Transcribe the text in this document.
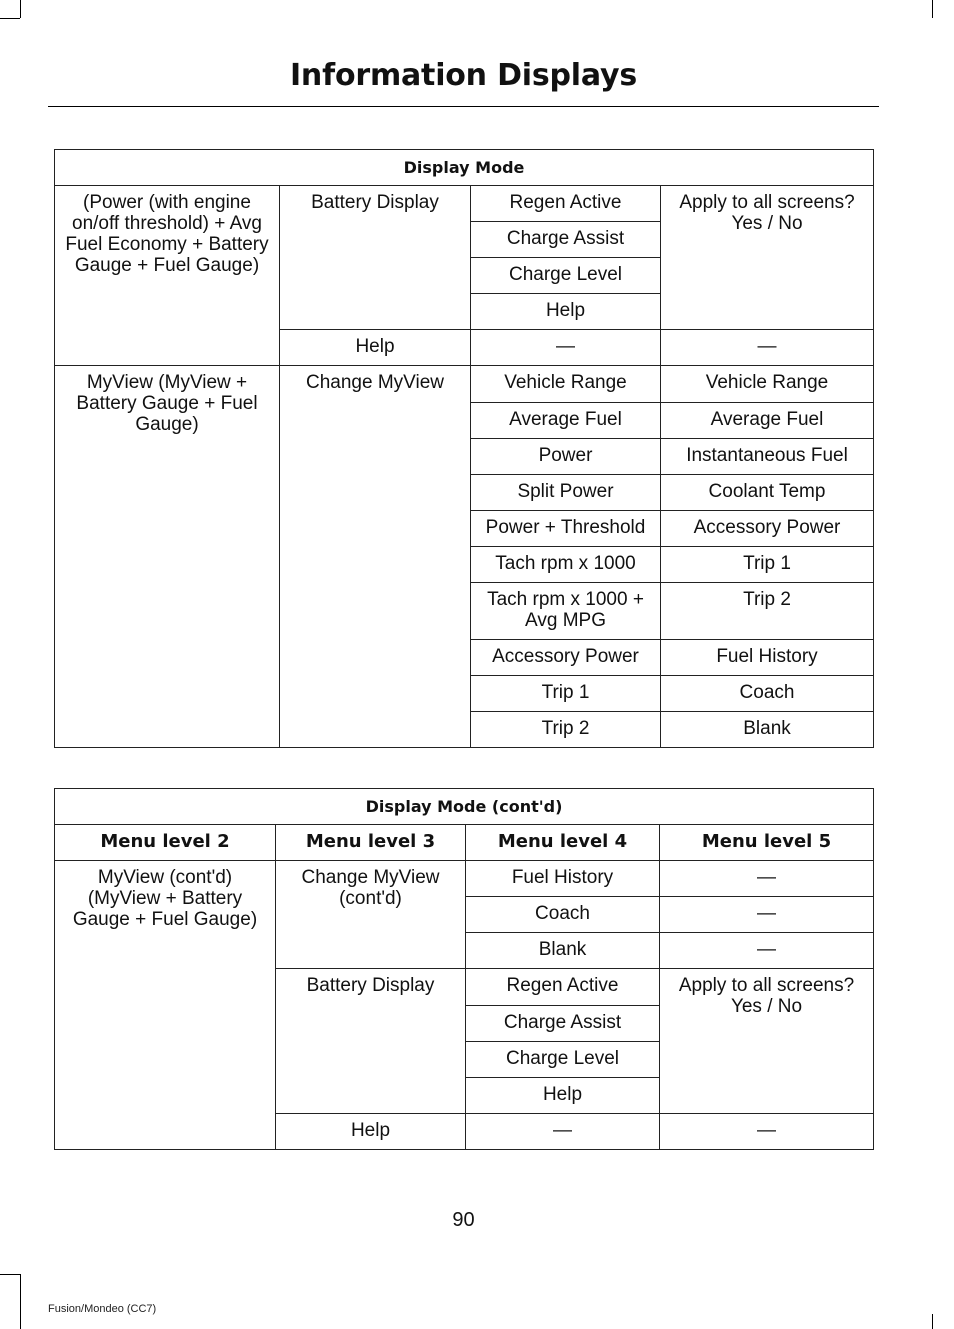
Information Displays
Display Mode			
(Power (with engine on/off threshold) + Avg Fuel Economy + Battery Gauge + Fuel Gauge)	Battery Display	Regen Active	Apply to all screens? Yes / No
		Charge Assist	
		Charge Level	
		Help	
	Help	—	—
MyView (MyView + Battery Gauge + Fuel Gauge)	Change MyView	Vehicle Range	Vehicle Range
		Average Fuel	Average Fuel
		Power	Instantaneous Fuel
		Split Power	Coolant Temp
		Power + Threshold	Accessory Power
		Tach rpm x 1000	Trip 1
		Tach rpm x 1000 + Avg MPG	Trip 2
		Accessory Power	Fuel History
		Trip 1	Coach
		Trip 2	Blank
Display Mode (cont'd)			
Menu level 2	Menu level 3	Menu level 4	Menu level 5
MyView (cont'd) (MyView + Battery Gauge + Fuel Gauge)	Change MyView (cont'd)	Fuel History	—
		Coach	—
		Blank	—
	Battery Display	Regen Active	Apply to all screens? Yes / No
		Charge Assist	
		Charge Level	
		Help	
	Help	—	—
90
Fusion/Mondeo (CC7)
